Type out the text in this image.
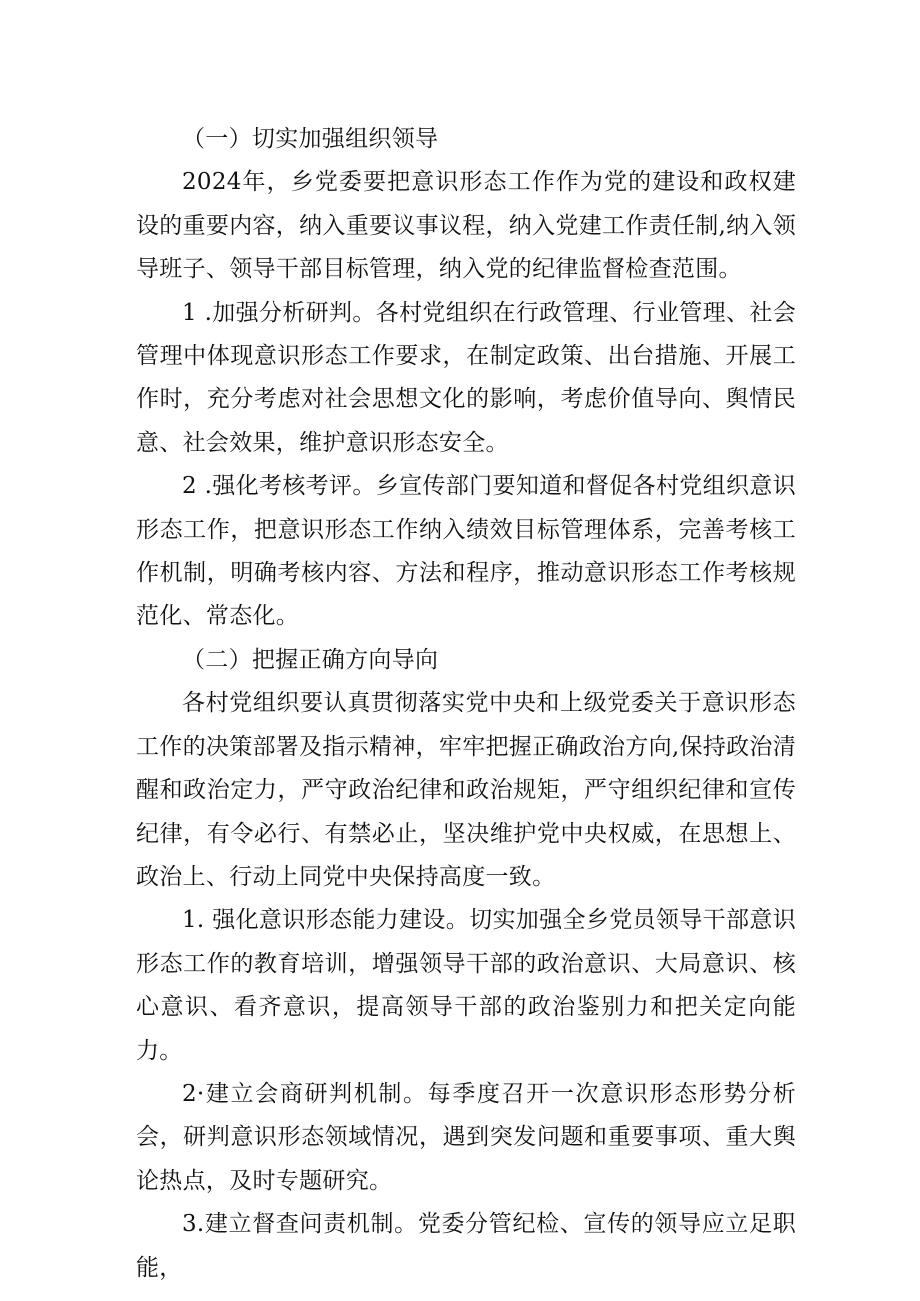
（一）切实加强组织领导

2024年，乡党委要把意识形态工作作为党的建设和政权建设的重要内容，纳入重要议事议程，纳入党建工作责任制,纳入领导班子、领导干部目标管理，纳入党的纪律监督检查范围。

1 .加强分析研判。各村党组织在行政管理、行业管理、社会管理中体现意识形态工作要求，在制定政策、出台措施、开展工作时，充分考虑对社会思想文化的影响，考虑价值导向、舆情民意、社会效果，维护意识形态安全。

2 .强化考核考评。乡宣传部门要知道和督促各村党组织意识形态工作，把意识形态工作纳入绩效目标管理体系，完善考核工作机制，明确考核内容、方法和程序，推动意识形态工作考核规范化、常态化。

（二）把握正确方向导向

各村党组织要认真贯彻落实党中央和上级党委关于意识形态工作的决策部署及指示精神，牢牢把握正确政治方向,保持政治清醒和政治定力，严守政治纪律和政治规矩，严守组织纪律和宣传纪律，有令必行、有禁必止，坚决维护党中央权威，在思想上、政治上、行动上同党中央保持高度一致。

1. 强化意识形态能力建设。切实加强全乡党员领导干部意识形态工作的教育培训，增强领导干部的政治意识、大局意识、核心意识、看齐意识，提高领导干部的政治鉴别力和把关定向能力。

2·建立会商研判机制。每季度召开一次意识形态形势分析会，研判意识形态领域情况，遇到突发问题和重要事项、重大舆论热点，及时专题研究。

3.建立督查问责机制。党委分管纪检、宣传的领导应立足职能，
